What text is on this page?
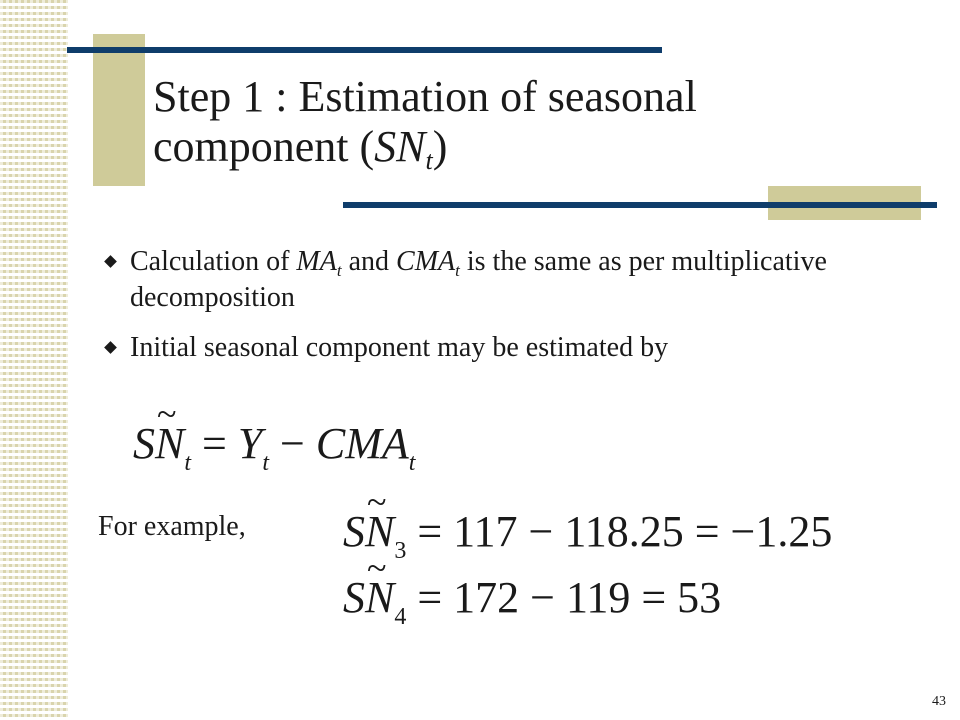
Step 1 : Estimation of seasonal
component $(SN_t)$
Calculation of $MA_t$ and $CMA_t$ is the same as per multiplicative decomposition
Initial seasonal component may be estimated by
S~ $N_t = Y_t - CMA_t$
For example, S~ $N_3 = 117 - 118.25 = -1.25$
S~ $N_4 = 172 - 119 = 53$
43
